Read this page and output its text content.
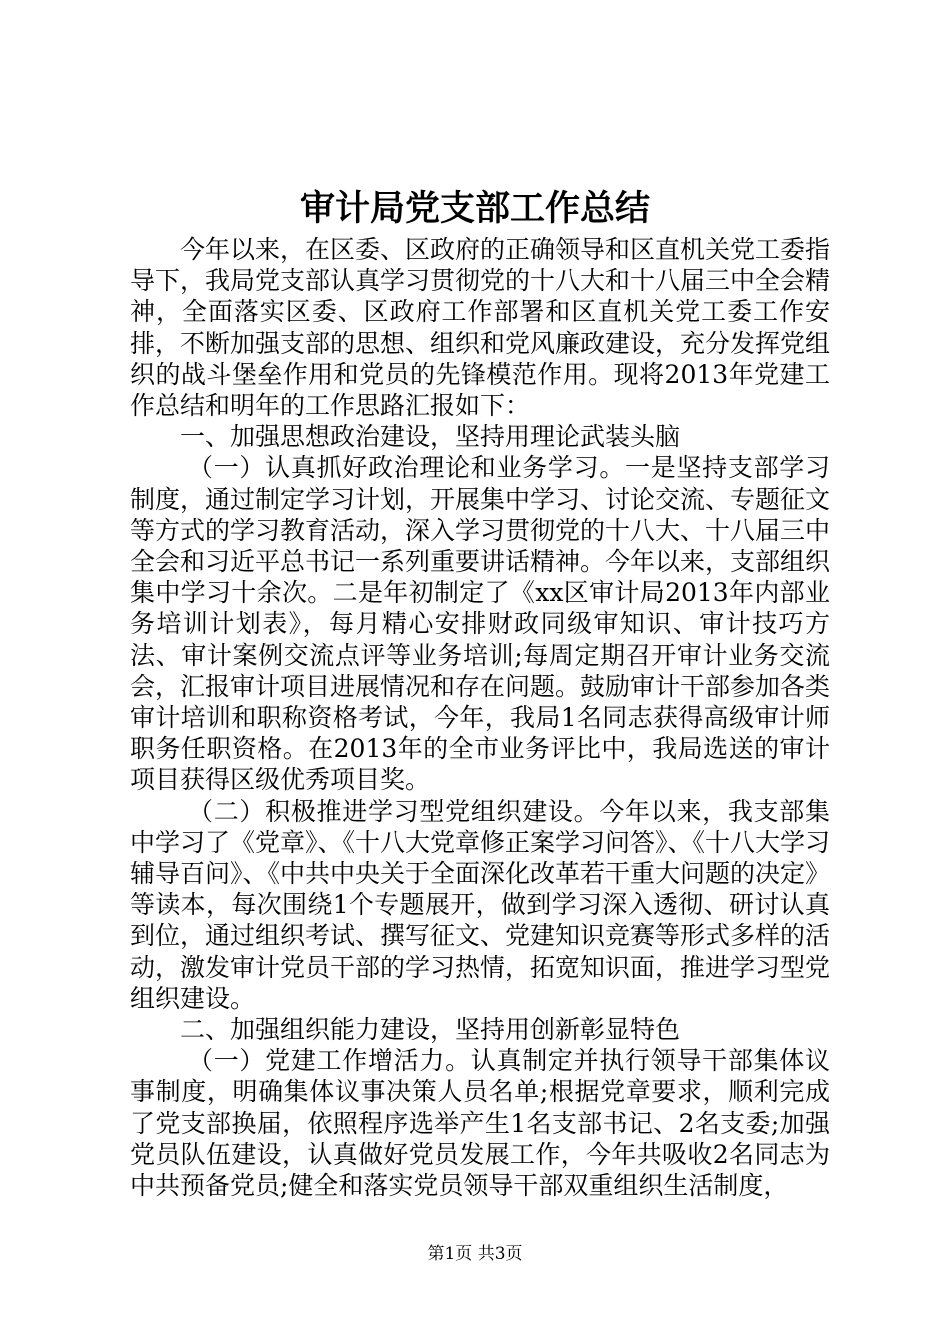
审计局党支部工作总结

今年以来，在区委、区政府的正确领导和区直机关党工委指导下，我局党支部认真学习贯彻党的十八大和十八届三中全会精神，全面落实区委、区政府工作部署和区直机关党工委工作安排，不断加强支部的思想、组织和党风廉政建设，充分发挥党组织的战斗堡垒作用和党员的先锋模范作用。现将2013年党建工作总结和明年的工作思路汇报如下：

一、加强思想政治建设，坚持用理论武装头脑

（一）认真抓好政治理论和业务学习。一是坚持支部学习制度，通过制定学习计划，开展集中学习、讨论交流、专题征文等方式的学习教育活动，深入学习贯彻党的十八大、十八届三中全会和习近平总书记一系列重要讲话精神。今年以来，支部组织集中学习十余次。二是年初制定了《xx区审计局2013年内部业务培训计划表》，每月精心安排财政同级审知识、审计技巧方法、审计案例交流点评等业务培训;每周定期召开审计业务交流会，汇报审计项目进展情况和存在问题。鼓励审计干部参加各类审计培训和职称资格考试，今年，我局1名同志获得高级审计师职务任职资格。在2013年的全市业务评比中，我局选送的审计项目获得区级优秀项目奖。

（二）积极推进学习型党组织建设。今年以来，我支部集中学习了《党章》、《十八大党章修正案学习问答》、《十八大学习辅导百问》、《中共中央关于全面深化改革若干重大问题的决定》等读本，每次围绕1个专题展开，做到学习深入透彻、研讨认真到位，通过组织考试、撰写征文、党建知识竞赛等形式多样的活动，激发审计党员干部的学习热情，拓宽知识面，推进学习型党组织建设。

二、加强组织能力建设，坚持用创新彰显特色

（一）党建工作增活力。认真制定并执行领导干部集体议事制度，明确集体议事决策人员名单;根据党章要求，顺利完成了党支部换届，依照程序选举产生1名支部书记、2名支委;加强党员队伍建设，认真做好党员发展工作，今年共吸收2名同志为中共预备党员;健全和落实党员领导干部双重组织生活制度，

第1页 共3页
